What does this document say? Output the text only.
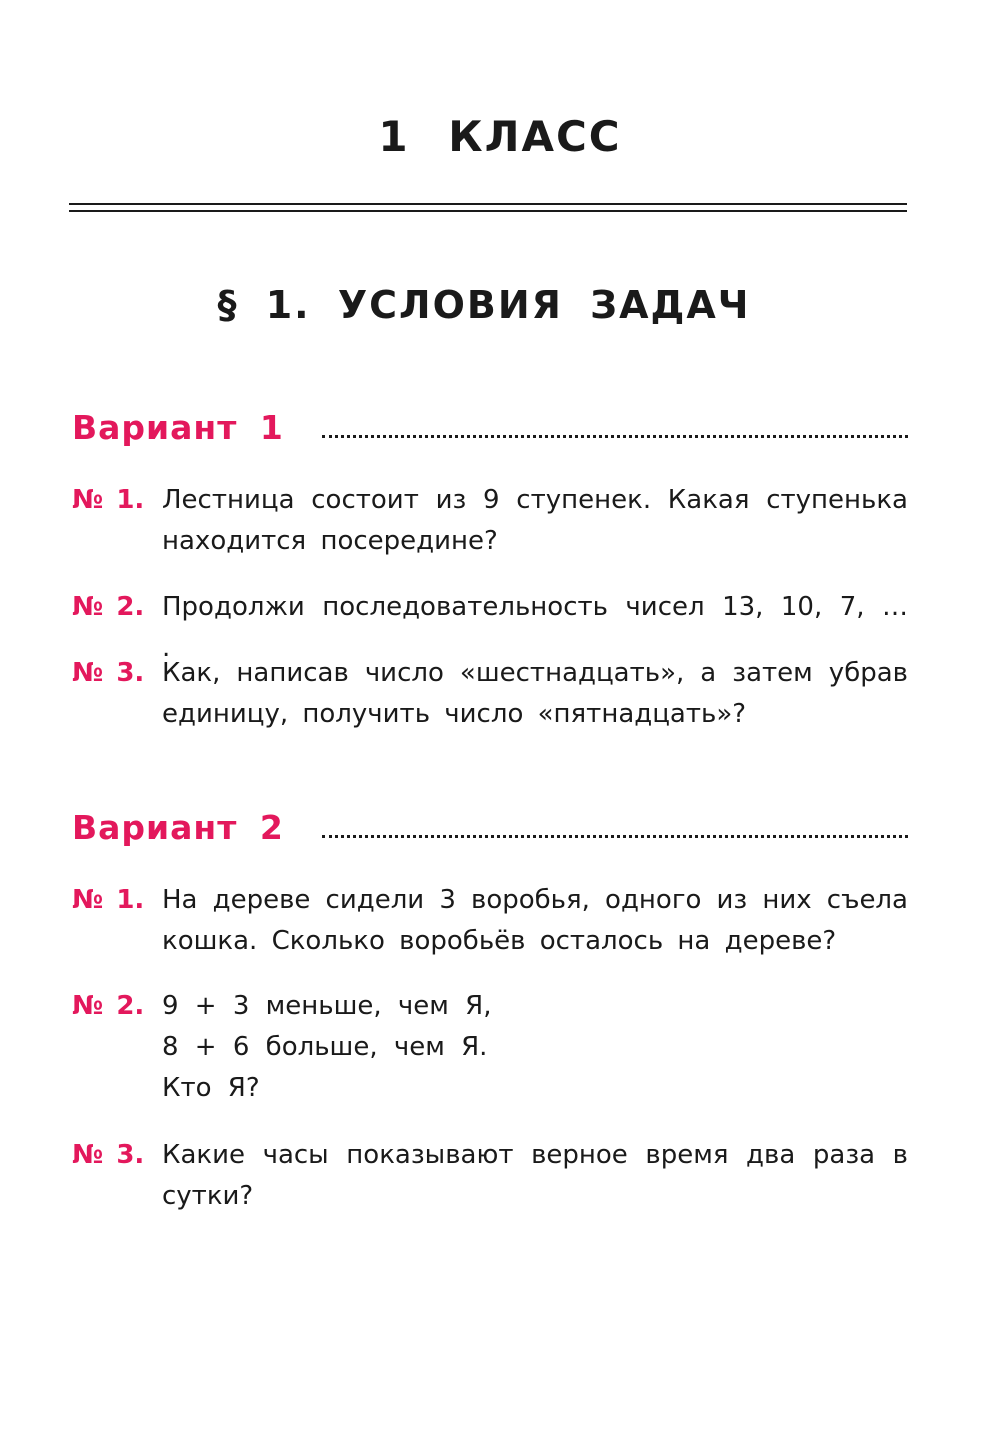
1 КЛАСС
§ 1. УСЛОВИЯ ЗАДАЧ
Вариант 1
№ 1. Лестница состоит из 9 ступенек. Какая ступенька находится посередине?
№ 2. Продолжи последовательность чисел 13, 10, 7, … .
№ 3. Как, написав число «шестнадцать», а затем убрав единицу, получить число «пятнадцать»?
Вариант 2
№ 1. На дереве сидели 3 воробья, одного из них съела кошка. Сколько воробьёв осталось на дереве?
№ 2. 9 + 3 меньше, чем Я,
8 + 6 больше, чем Я.
Кто Я?
№ 3. Какие часы показывают верное время два раза в сутки?
